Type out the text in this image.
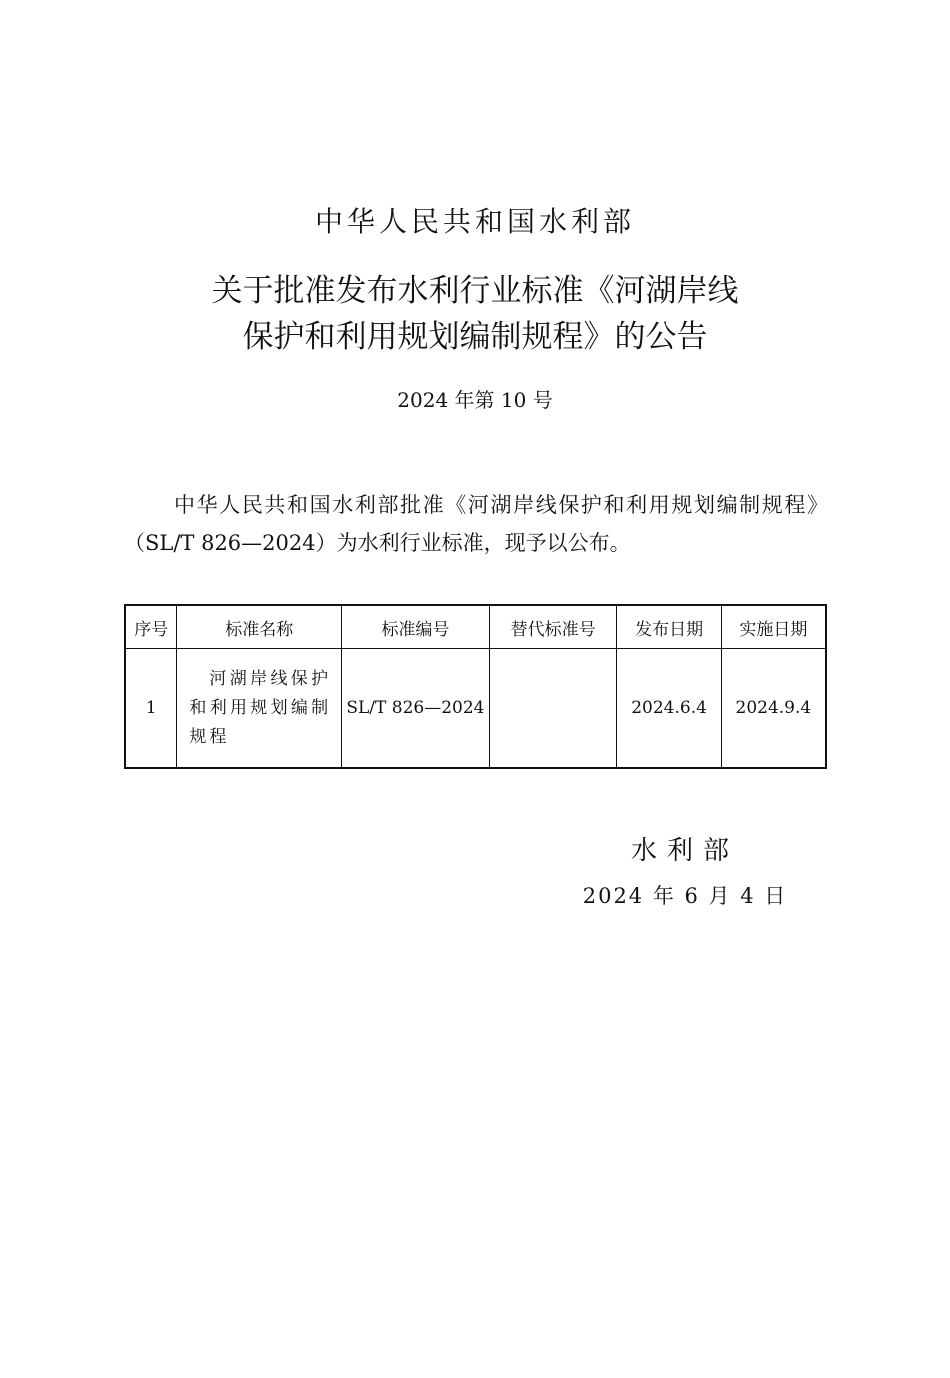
中华人民共和国水利部
关于批准发布水利行业标准《河湖岸线
保护和利用规划编制规程》的公告
2024 年第 10 号
中华人民共和国水利部批准《河湖岸线保护和利用规划编制规程》（SL/T 826—2024）为水利行业标准，现予以公布。
序号	标准名称	标准编号	替代标准号	发布日期	实施日期
1	河湖岸线保护和利用规划编制规程	SL/T 826—2024		2024.6.4	2024.9.4
水利部
2024 年 6 月 4 日
